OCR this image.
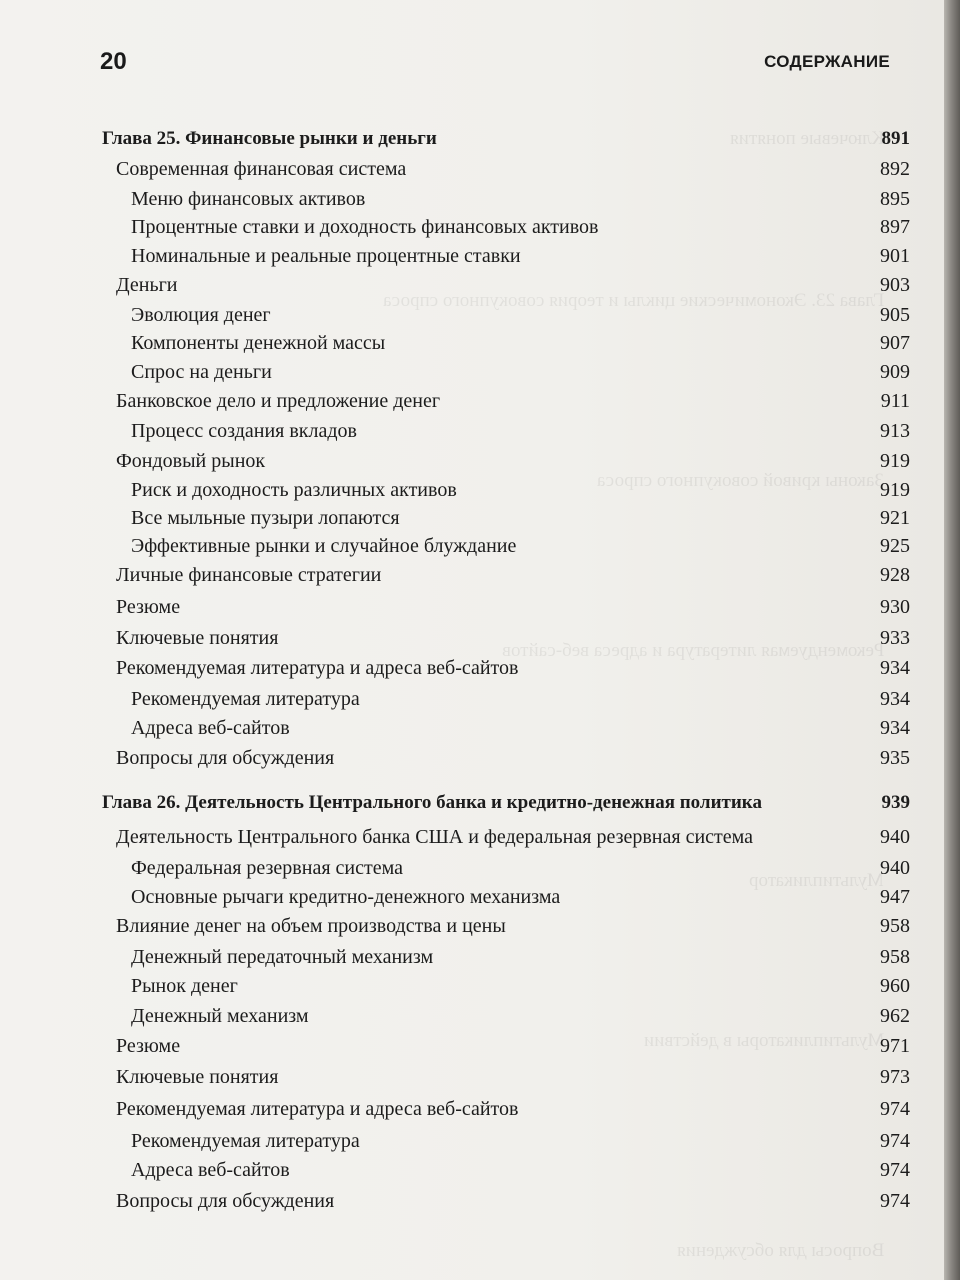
Ключевые понятия
Глава 23. Экономические циклы и теория совокупного спроса
Законы кривой совокупного спроса
Рекомендуемая литература и адреса веб-сайтов
Мультипликатор
Мультипликаторы в действии
Вопросы для обсуждения
20	СОДЕРЖАНИЕ
Глава 25. Финансовые рынки и деньги	891
Современная финансовая система	892
Меню финансовых активов	895
Процентные ставки и доходность финансовых активов	897
Номинальные и реальные процентные ставки	901
Деньги	903
Эволюция денег	905
Компоненты денежной массы	907
Спрос на деньги	909
Банковское дело и предложение денег	911
Процесс создания вкладов	913
Фондовый рынок	919
Риск и доходность различных активов	919
Все мыльные пузыри лопаются	921
Эффективные рынки и случайное блуждание	925
Личные финансовые стратегии	928
Резюме	930
Ключевые понятия	933
Рекомендуемая литература и адреса веб-сайтов	934
Рекомендуемая литература	934
Адреса веб-сайтов	934
Вопросы для обсуждения	935
Глава 26. Деятельность Центрального банка и кредитно-денежная политика	939
Деятельность Центрального банка США и федеральная резервная система	940
Федеральная резервная система	940
Основные рычаги кредитно-денежного механизма	947
Влияние денег на объем производства и цены	958
Денежный передаточный механизм	958
Рынок денег	960
Денежный механизм	962
Резюме	971
Ключевые понятия	973
Рекомендуемая литература и адреса веб-сайтов	974
Рекомендуемая литература	974
Адреса веб-сайтов	974
Вопросы для обсуждения	974
